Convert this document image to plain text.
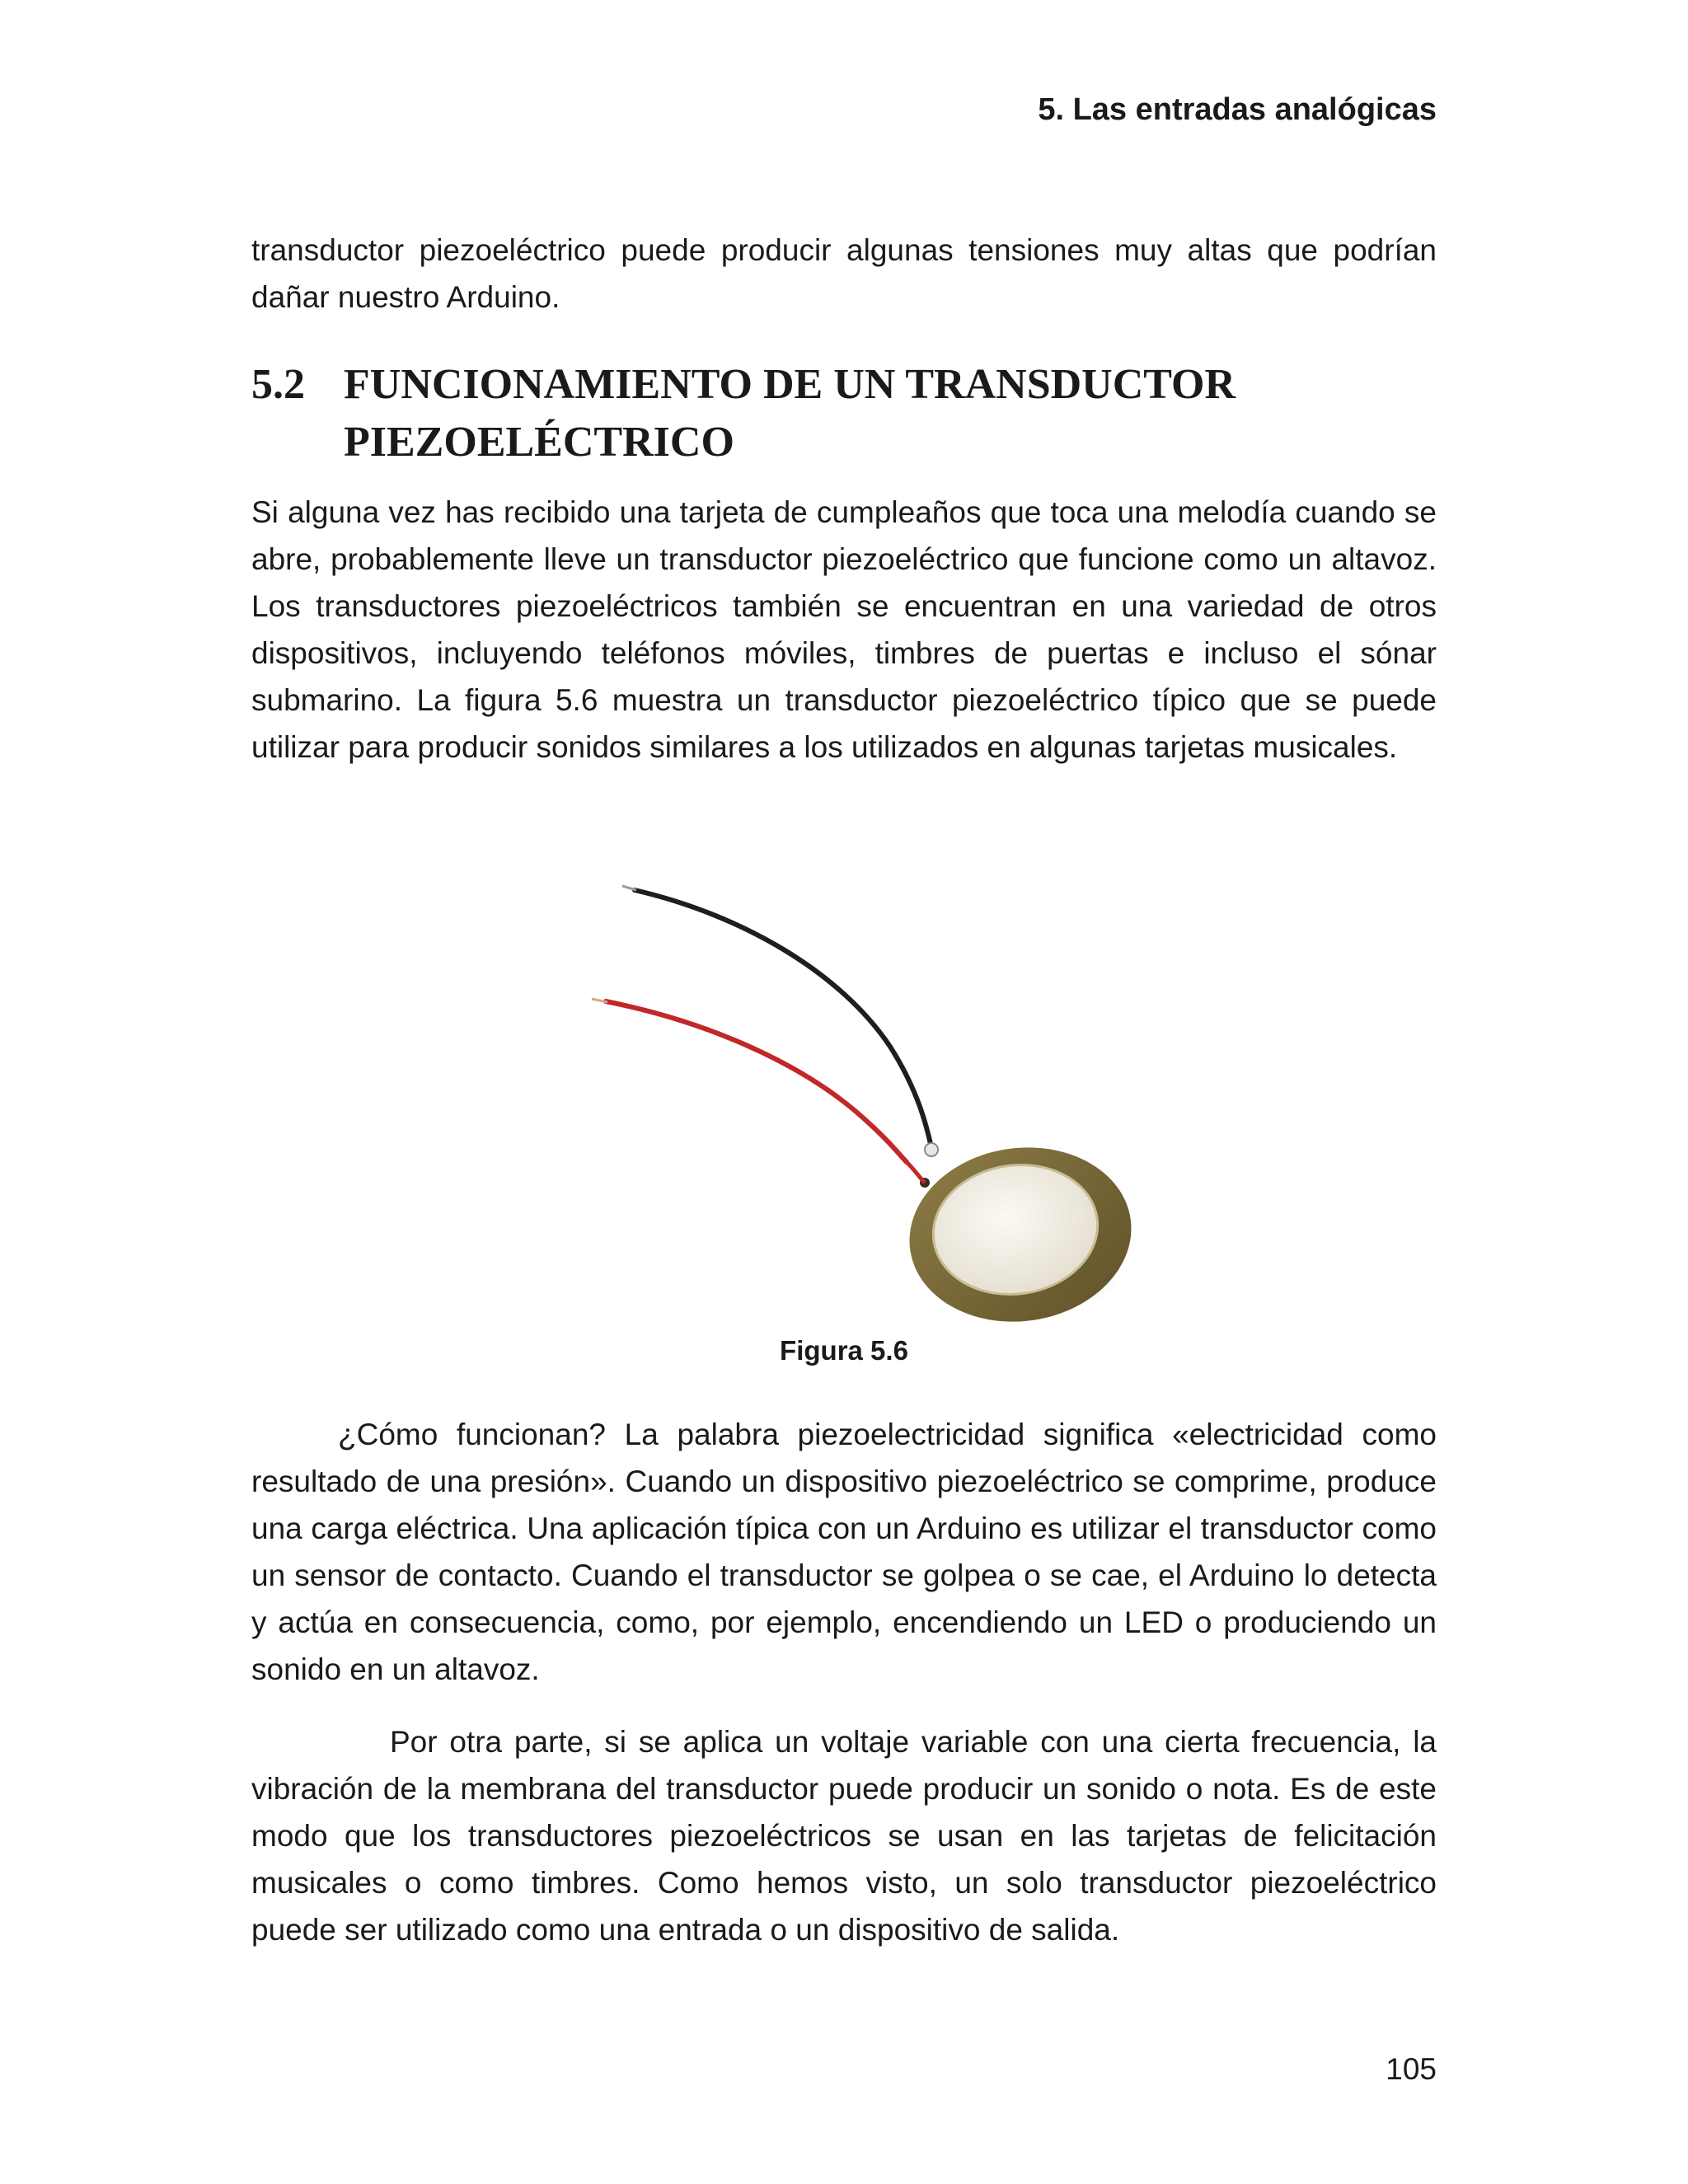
5. Las entradas analógicas

transductor piezoeléctrico puede producir algunas tensiones muy altas que podrían dañar nuestro Arduino.

5.2 FUNCIONAMIENTO DE UN TRANSDUCTOR PIEZOELÉCTRICO

Si alguna vez has recibido una tarjeta de cumpleaños que toca una melodía cuando se abre, probablemente lleve un transductor piezoeléctrico que funcione como un altavoz. Los transductores piezoeléctricos también se encuentran en una variedad de otros dispositivos, incluyendo teléfonos móviles, timbres de puertas e incluso el sónar submarino. La figura 5.6 muestra un transductor piezoeléctrico típico que se puede utilizar para producir sonidos similares a los utilizados en algunas tarjetas musicales.

Figura 5.6

¿Cómo funcionan? La palabra piezoelectricidad significa «electricidad como resultado de una presión». Cuando un dispositivo piezoeléctrico se comprime, produce una carga eléctrica. Una aplicación típica con un Arduino es utilizar el transductor como un sensor de contacto. Cuando el transductor se golpea o se cae, el Arduino lo detecta y actúa en consecuencia, como, por ejemplo, encendiendo un LED o produciendo un sonido en un altavoz.

Por otra parte, si se aplica un voltaje variable con una cierta frecuencia, la vibración de la membrana del transductor puede producir un sonido o nota. Es de este modo que los transductores piezoeléctricos se usan en las tarjetas de felicitación musicales o como timbres. Como hemos visto, un solo transductor piezoeléctrico puede ser utilizado como una entrada o un dispositivo de salida.

105
